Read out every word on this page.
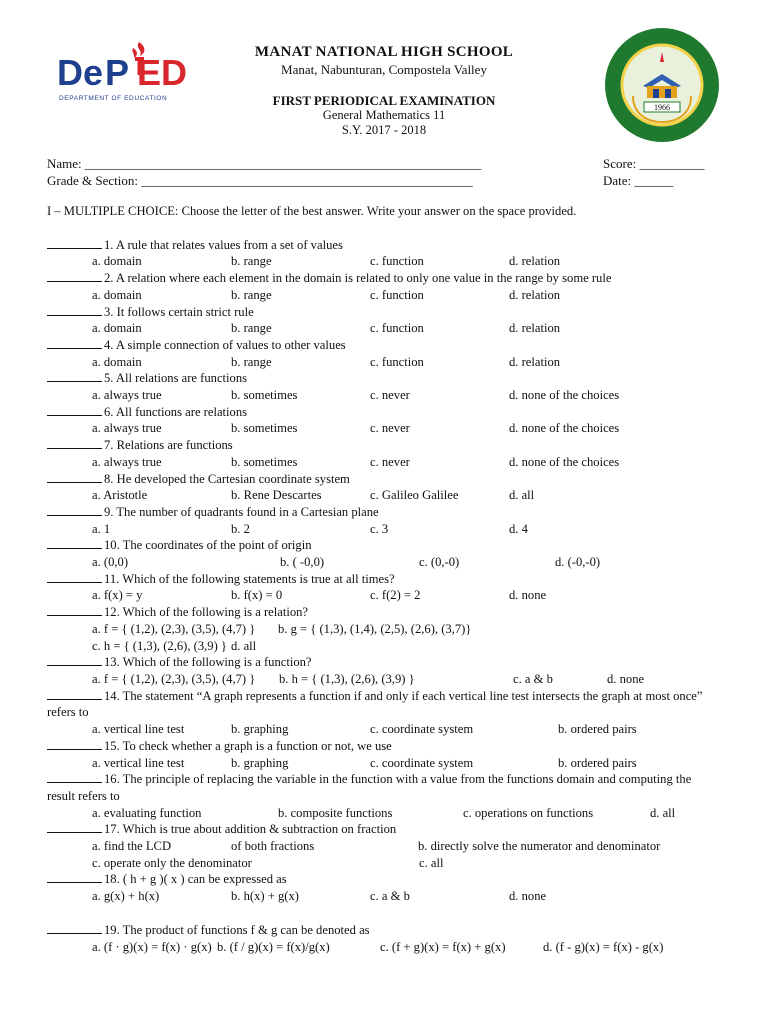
De P ED
DEPARTMENT OF EDUCATION
1966
MANAT NATIONAL HIGH SCHOOL
Manat, Nabunturan, Compostela Valley
FIRST PERIODICAL EXAMINATION
General Mathematics 11
S.Y. 2017 - 2018
Name: _____________________________________________________________
Grade & Section: ___________________________________________________
Score: __________
Date: ______
I – MULTIPLE CHOICE: Choose the letter of the best answer. Write your answer on the space provided.
1. A rule that relates values from a set of values
a. domain	b. range	c. function	d. relation
2. A relation where each element in the domain is related to only one value in the range by some rule
a. domain	b. range	c. function	d. relation
3. It follows certain strict rule
a. domain	b. range	c. function	d. relation
4. A simple connection of values to other values
a. domain	b. range	c. function	d. relation
5. All relations are functions
a. always true	b. sometimes	c. never	d. none of the choices
6. All functions are relations
a. always true	b. sometimes	c. never	d. none of the choices
7. Relations are functions
a. always true	b. sometimes	c. never	d. none of the choices
8. He developed the Cartesian coordinate system
a. Aristotle	b. Rene Descartes	c. Galileo Galilee	d. all
9. The number of quadrants found in a Cartesian plane
a. 1	b. 2	c. 3	d. 4
10. The coordinates of the point of origin
a. (0,0)	b. ( -0,0)	c. (0,-0)	d. (-0,-0)
11. Which of the following statements is true at all times?
a. f(x) = y	b. f(x) = 0	c. f(2) = 2	d. none
12. Which of the following is a relation?
a. f = { (1,2), (2,3), (3,5), (4,7) }	b. g = { (1,3), (1,4), (2,5), (2,6), (3,7)}
c. h = { (1,3), (2,6), (3,9) } d. all
13. Which of the following is a function?
a. f = { (1,2), (2,3), (3,5), (4,7) }	b. h = { (1,3), (2,6), (3,9) }	c. a & b	d. none
14. The statement “A graph represents a function if and only if each vertical line test intersects the graph at most once” refers to
a. vertical line test	b. graphing	c. coordinate system	b. ordered pairs
15. To check whether a graph is a function or not, we use
a. vertical line test	b. graphing	c. coordinate system	b. ordered pairs
16. The principle of replacing the variable in the function with a value from the functions domain and computing the result refers to
a. evaluating function	b. composite functions	c. operations on functions	d. all
17. Which is true about addition & subtraction on fraction
a. find the LCD	of both fractions	b. directly solve the numerator and denominator
c. operate only the denominator	c. all
18. ( h + g )( x ) can be expressed as
a. g(x) + h(x)	b. h(x) + g(x)	c. a & b	d. none
19. The product of functions f & g can be denoted as
a. (f · g)(x) = f(x) · g(x) b. (f / g)(x) = f(x)/g(x)	c. (f + g)(x) = f(x) + g(x)	d. (f - g)(x) = f(x) - g(x)
